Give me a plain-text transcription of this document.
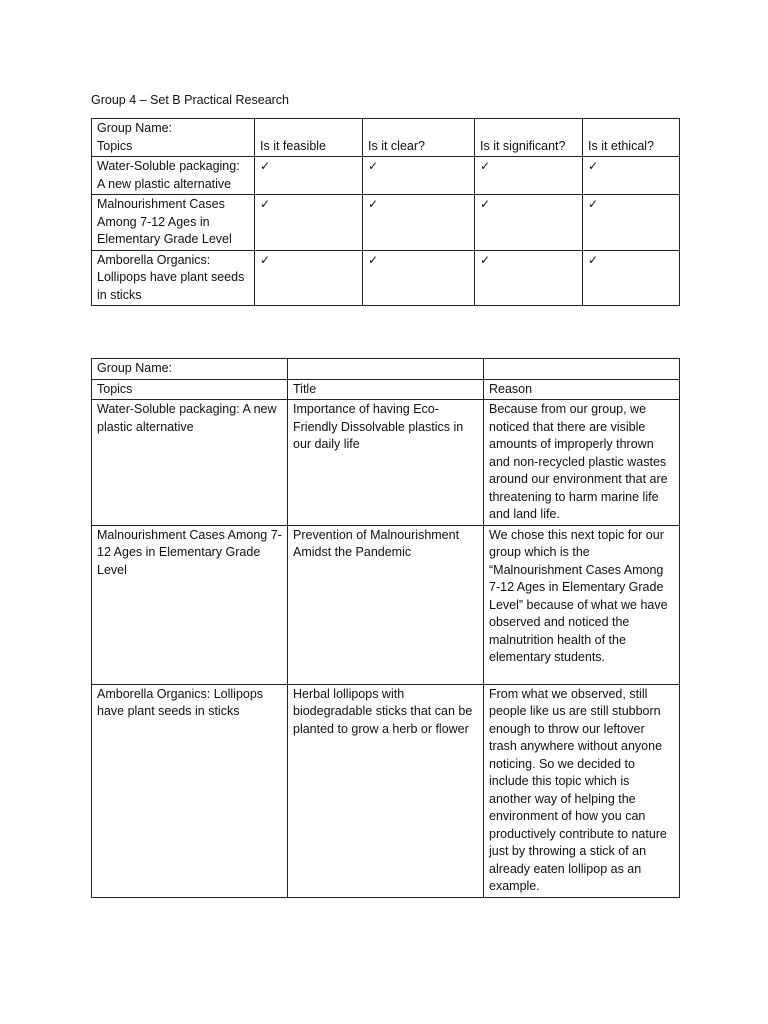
Group 4 – Set B Practical Research
Group Name:
Topics	Is it feasible	Is it clear?	Is it significant?	Is it ethical?
Water-Soluble packaging: A new plastic alternative	✓	✓	✓	✓
Malnourishment Cases Among 7-12 Ages in Elementary Grade Level	✓	✓	✓	✓
Amborella Organics: Lollipops have plant seeds in sticks	✓	✓	✓	✓
Group Name:		
Topics	Title	Reason
Water-Soluble packaging: A new plastic alternative	Importance of having Eco-Friendly Dissolvable plastics in our daily life	Because from our group, we noticed that there are visible amounts of improperly thrown and non-recycled plastic wastes around our environment that are threatening to harm marine life and land life.
Malnourishment Cases Among 7-12 Ages in Elementary Grade Level	Prevention of Malnourishment Amidst the Pandemic	We chose this next topic for our group which is the “Malnourishment Cases Among 7-12 Ages in Elementary Grade Level” because of what we have observed and noticed the malnutrition health of the elementary students.
Amborella Organics: Lollipops have plant seeds in sticks	Herbal lollipops with biodegradable sticks that can be planted to grow a herb or flower	From what we observed, still people like us are still stubborn enough to throw our leftover trash anywhere without anyone noticing. So we decided to include this topic which is another way of helping the environment of how you can productively contribute to nature just by throwing a stick of an already eaten lollipop as an example.
